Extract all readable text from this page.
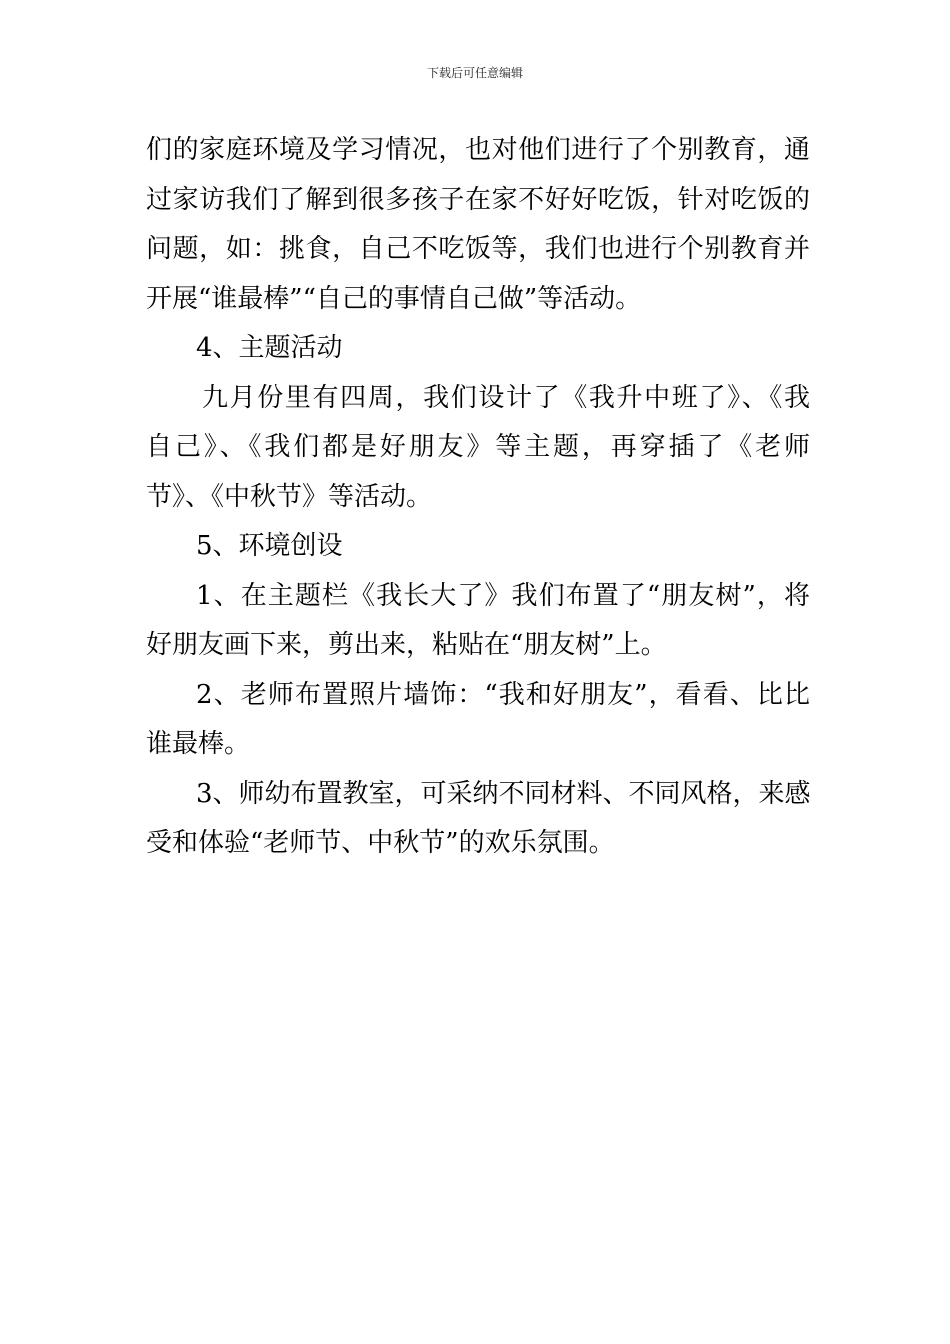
下载后可任意编辑
们的家庭环境及学习情况，也对他们进行了个别教育，通
过家访我们了解到很多孩子在家不好好吃饭，针对吃饭的
问题，如：挑食，自己不吃饭等，我们也进行个别教育并
开展“谁最棒”“自己的事情自己做”等活动。
4、主题活动
九月份里有四周，我们设计了《我升中班了》、《我
自己》、《我们都是好朋友》等主题，再穿插了《老师
节》、《中秋节》等活动。
5、环境创设
1、在主题栏《我长大了》我们布置了“朋友树”，将
好朋友画下来，剪出来，粘贴在“朋友树”上。
2、老师布置照片墙饰：“我和好朋友”，看看、比比
谁最棒。
3、师幼布置教室，可采纳不同材料、不同风格，来感
受和体验“老师节、中秋节”的欢乐氛围。
